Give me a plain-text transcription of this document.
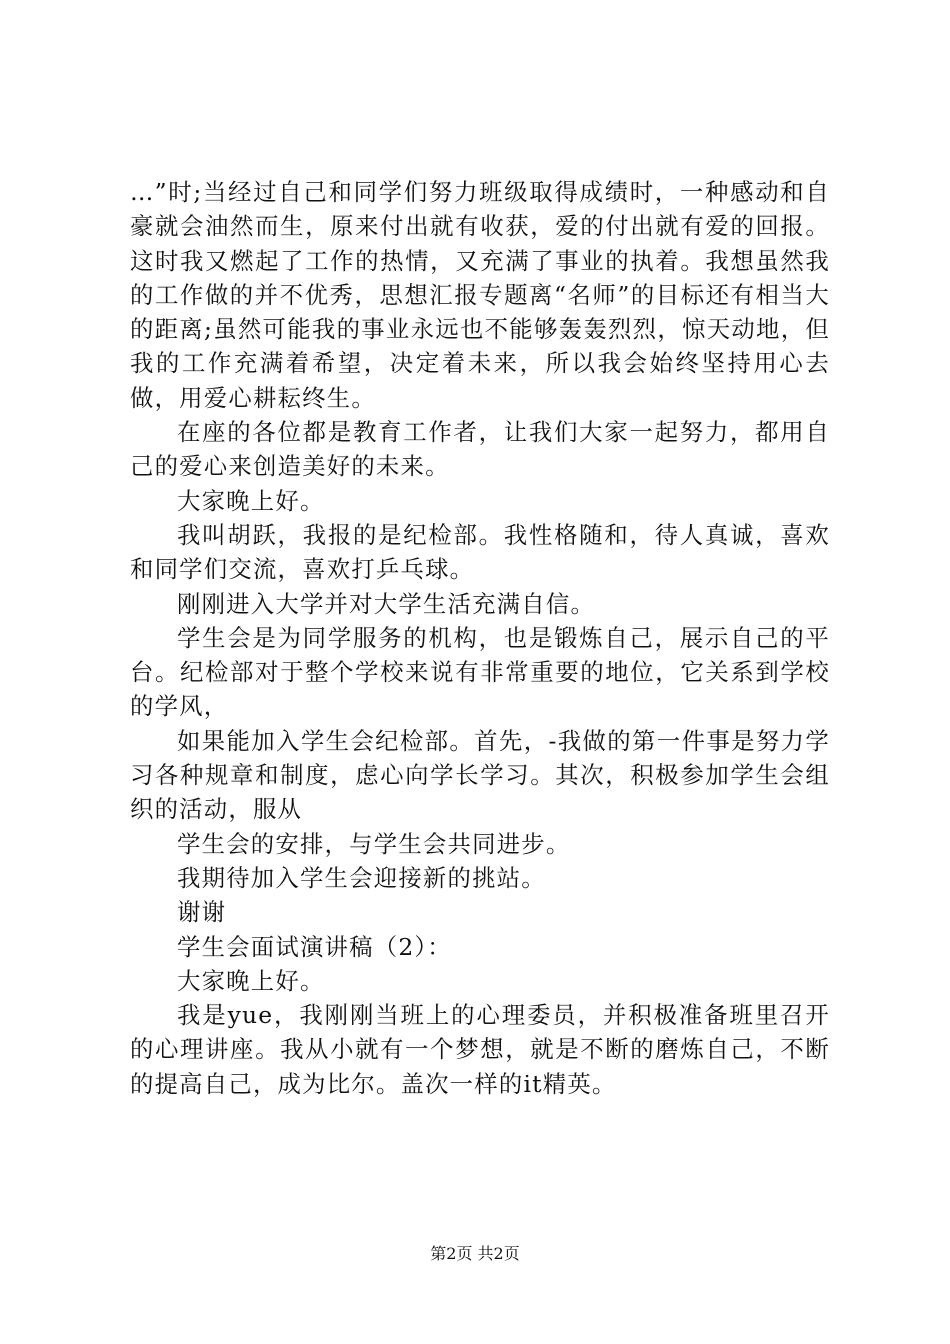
…”时;当经过自己和同学们努力班级取得成绩时，一种感动和自豪就会油然而生，原来付出就有收获，爱的付出就有爱的回报。这时我又燃起了工作的热情，又充满了事业的执着。我想虽然我的工作做的并不优秀，思想汇报专题离“名师”的目标还有相当大的距离;虽然可能我的事业永远也不能够轰轰烈烈，惊天动地，但我的工作充满着希望，决定着未来，所以我会始终坚持用心去做，用爱心耕耘终生。

在座的各位都是教育工作者，让我们大家一起努力，都用自己的爱心来创造美好的未来。

大家晚上好。

我叫胡跃，我报的是纪检部。我性格随和，待人真诚，喜欢和同学们交流，喜欢打乒乓球。

刚刚进入大学并对大学生活充满自信。

学生会是为同学服务的机构，也是锻炼自己，展示自己的平台。纪检部对于整个学校来说有非常重要的地位，它关系到学校的学风，

如果能加入学生会纪检部。首先，-我做的第一件事是努力学习各种规章和制度，虑心向学长学习。其次，积极参加学生会组织的活动，服从

学生会的安排，与学生会共同进步。

我期待加入学生会迎接新的挑站。

谢谢

学生会面试演讲稿（2）：

大家晚上好。

我是yue，我刚刚当班上的心理委员，并积极准备班里召开的心理讲座。我从小就有一个梦想，就是不断的磨炼自己，不断的提高自己，成为比尔。盖次一样的it精英。

第2页 共2页
